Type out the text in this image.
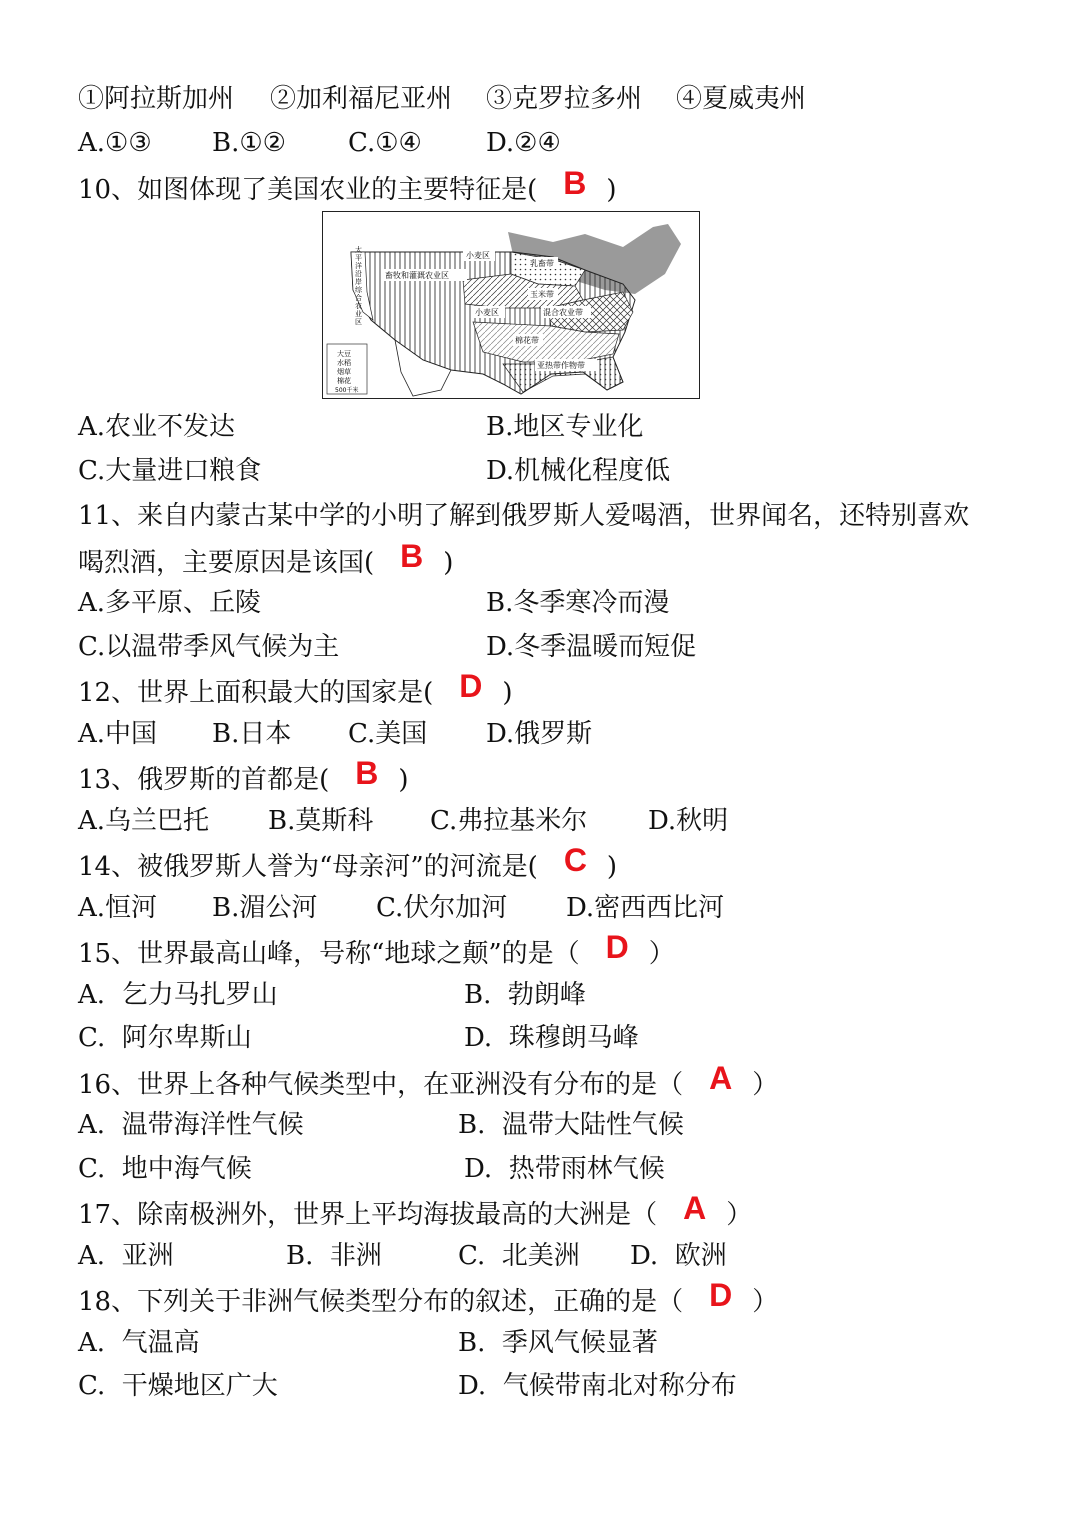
①阿拉斯加州 ②加利福尼亚州 ③克罗拉多州 ④夏威夷州
A.①③ B.①② C.①④ D.②④
10、如图体现了美国农业的主要特征是( B )
大豆
水稻
烟草
棉花
500千米
小麦区
乳畜带
玉米带
畜牧和灌溉农业区
小麦区	混合农业带
棉花带
亚热带作物带
太
平
洋
沿
岸
综
合
农
业
区
A.农业不发达	B.地区专业化
C.大量进口粮食	D.机械化程度低
11、来自内蒙古某中学的小明了解到俄罗斯人爱喝酒，世界闻名，还特别喜欢
喝烈酒，主要原因是该国( B )
A.多平原、丘陵	B.冬季寒冷而漫
C.以温带季风气候为主	D.冬季温暖而短促
12、世界上面积最大的国家是( D )
A.中国 B.日本 C.美国 D.俄罗斯
13、俄罗斯的首都是( B )
A.乌兰巴托 B.莫斯科 C.弗拉基米尔 D.秋明
14、被俄罗斯人誉为“母亲河”的河流是( C )
A.恒河 B.湄公河 C.伏尔加河 D.密西西比河
15、世界最高山峰，号称“地球之颠”的是（ D ）
A.  乞力马扎罗山	B.  勃朗峰
C.  阿尔卑斯山	D.  珠穆朗马峰
16、世界上各种气候类型中，在亚洲没有分布的是（ A ）
A.  温带海洋性气候	B.  温带大陆性气候
C.  地中海气候	D.  热带雨林气候
17、除南极洲外，世界上平均海拔最高的大洲是（ A ）
A.  亚洲	B.  非洲	C.  北美洲 D.  欧洲
18、下列关于非洲气候类型分布的叙述，正确的是（ D ）
A.  气温高	B.  季风气候显著
C.  干燥地区广大	D.  气候带南北对称分布
